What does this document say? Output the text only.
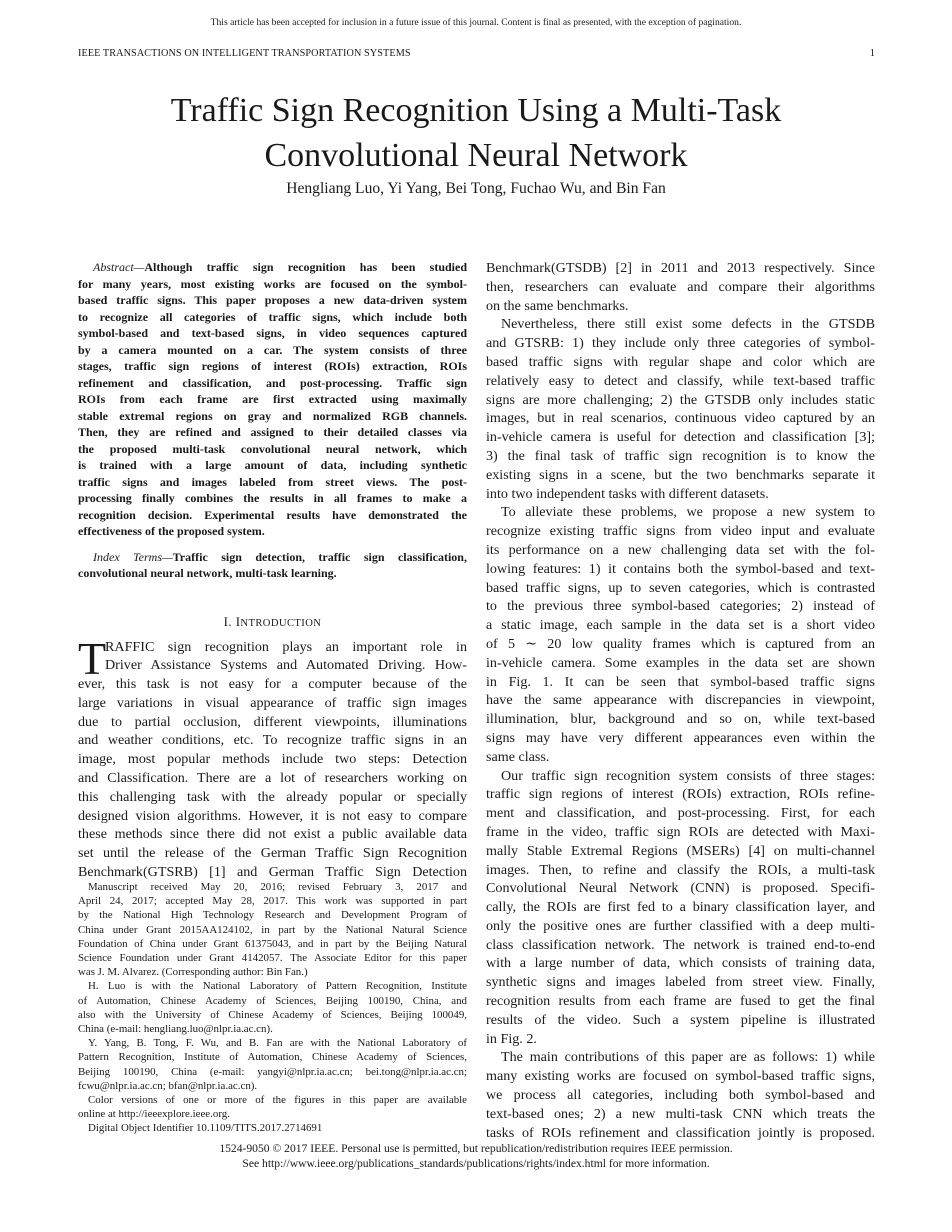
This article has been accepted for inclusion in a future issue of this journal. Content is final as presented, with the exception of pagination.
IEEE TRANSACTIONS ON INTELLIGENT TRANSPORTATION SYSTEMS	1
Traffic Sign Recognition Using a Multi-Task
Convolutional Neural Network
Hengliang Luo, Yi Yang, Bei Tong, Fuchao Wu, and Bin Fan
Abstract—Although traffic sign recognition has been studied
for many years, most existing works are focused on the symbol-
based traffic signs. This paper proposes a new data-driven system
to recognize all categories of traffic signs, which include both
symbol-based and text-based signs, in video sequences captured
by a camera mounted on a car. The system consists of three
stages, traffic sign regions of interest (ROIs) extraction, ROIs
refinement and classification, and post-processing. Traffic sign
ROIs from each frame are first extracted using maximally
stable extremal regions on gray and normalized RGB channels.
Then, they are refined and assigned to their detailed classes via
the proposed multi-task convolutional neural network, which
is trained with a large amount of data, including synthetic
traffic signs and images labeled from street views. The post-
processing finally combines the results in all frames to make a
recognition decision. Experimental results have demonstrated the
effectiveness of the proposed system.
Index Terms—Traffic sign detection, traffic sign classification,
convolutional neural network, multi-task learning.
I. INTRODUCTION
T
RAFFIC sign recognition plays an important role in
Driver Assistance Systems and Automated Driving. How-
ever, this task is not easy for a computer because of the
large variations in visual appearance of traffic sign images
due to partial occlusion, different viewpoints, illuminations
and weather conditions, etc. To recognize traffic signs in an
image, most popular methods include two steps: Detection
and Classification. There are a lot of researchers working on
this challenging task with the already popular or specially
designed vision algorithms. However, it is not easy to compare
these methods since there did not exist a public available data
set until the release of the German Traffic Sign Recognition
Benchmark(GTSRB) [1] and German Traffic Sign Detection
Manuscript received May 20, 2016; revised February 3, 2017 and
April 24, 2017; accepted May 28, 2017. This work was supported in part
by the National High Technology Research and Development Program of
China under Grant 2015AA124102, in part by the National Natural Science
Foundation of China under Grant 61375043, and in part by the Beijing Natural
Science Foundation under Grant 4142057. The Associate Editor for this paper
was J. M. Alvarez. (Corresponding author: Bin Fan.)
H. Luo is with the National Laboratory of Pattern Recognition, Institute
of Automation, Chinese Academy of Sciences, Beijing 100190, China, and
also with the University of Chinese Academy of Sciences, Beijing 100049,
China (e-mail: hengliang.luo@nlpr.ia.ac.cn).
Y. Yang, B. Tong, F. Wu, and B. Fan are with the National Laboratory of
Pattern Recognition, Institute of Automation, Chinese Academy of Sciences,
Beijing 100190, China (e-mail: yangyi@nlpr.ia.ac.cn; bei.tong@nlpr.ia.ac.cn;
fcwu@nlpr.ia.ac.cn; bfan@nlpr.ia.ac.cn).
Color versions of one or more of the figures in this paper are available
online at http://ieeexplore.ieee.org.
Digital Object Identifier 10.1109/TITS.2017.2714691
Benchmark(GTSDB) [2] in 2011 and 2013 respectively. Since
then, researchers can evaluate and compare their algorithms
on the same benchmarks.
Nevertheless, there still exist some defects in the GTSDB
and GTSRB: 1) they include only three categories of symbol-
based traffic signs with regular shape and color which are
relatively easy to detect and classify, while text-based traffic
signs are more challenging; 2) the GTSDB only includes static
images, but in real scenarios, continuous video captured by an
in-vehicle camera is useful for detection and classification [3];
3) the final task of traffic sign recognition is to know the
existing signs in a scene, but the two benchmarks separate it
into two independent tasks with different datasets.
To alleviate these problems, we propose a new system to
recognize existing traffic signs from video input and evaluate
its performance on a new challenging data set with the fol-
lowing features: 1) it contains both the symbol-based and text-
based traffic signs, up to seven categories, which is contrasted
to the previous three symbol-based categories; 2) instead of
a static image, each sample in the data set is a short video
of 5 ∼ 20 low quality frames which is captured from an
in-vehicle camera. Some examples in the data set are shown
in Fig. 1. It can be seen that symbol-based traffic signs
have the same appearance with discrepancies in viewpoint,
illumination, blur, background and so on, while text-based
signs may have very different appearances even within the
same class.
Our traffic sign recognition system consists of three stages:
traffic sign regions of interest (ROIs) extraction, ROIs refine-
ment and classification, and post-processing. First, for each
frame in the video, traffic sign ROIs are detected with Maxi-
mally Stable Extremal Regions (MSERs) [4] on multi-channel
images. Then, to refine and classify the ROIs, a multi-task
Convolutional Neural Network (CNN) is proposed. Specifi-
cally, the ROIs are first fed to a binary classification layer, and
only the positive ones are further classified with a deep multi-
class classification network. The network is trained end-to-end
with a large number of data, which consists of training data,
synthetic signs and images labeled from street view. Finally,
recognition results from each frame are fused to get the final
results of the video. Such a system pipeline is illustrated
in Fig. 2.
The main contributions of this paper are as follows: 1) while
many existing works are focused on symbol-based traffic signs,
we process all categories, including both symbol-based and
text-based ones; 2) a new multi-task CNN which treats the
tasks of ROIs refinement and classification jointly is proposed.
1524-9050 © 2017 IEEE. Personal use is permitted, but republication/redistribution requires IEEE permission.
See http://www.ieee.org/publications_standards/publications/rights/index.html for more information.
